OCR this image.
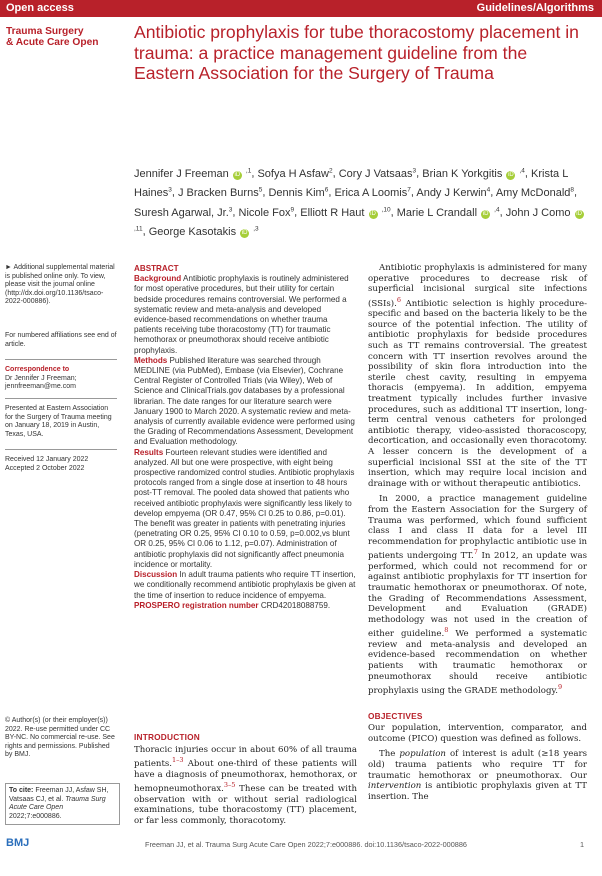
Open access	Guidelines/Algorithms
Trauma Surgery
& Acute Care Open
Antibiotic prophylaxis for tube thoracostomy placement in trauma: a practice management guideline from the Eastern Association for the Surgery of Trauma
Jennifer J Freeman iD $^{,1}$, Sofya H Asfaw$^2$, Cory J Vatsaas$^3$, Brian K Yorkgitis iD $^{,4}$, Krista L Haines$^3$, J Bracken Burns$^5$, Dennis Kim$^6$, Erica A Loomis$^7$, Andy J Kerwin$^4$, Amy McDonald$^8$, Suresh Agarwal, Jr.$^3$, Nicole Fox$^9$, Elliott R Haut iD $^{,10}$, Marie L Crandall iD $^{,4}$, John J Como iD $^{,11}$, George Kasotakis iD $^{,3}$
► Additional supplemental material is published online only. To view, please visit the journal online (http://dx.doi.org/10.1136/tsaco-2022-000886).
For numbered affiliations see end of article.
Correspondence to
Dr Jennifer J Freeman; jennfreeman@me.com
Presented at Eastern Association for the Surgery of Trauma meeting on January 18, 2019 in Austin, Texas, USA.
Received 12 January 2022
Accepted 2 October 2022
© Author(s) (or their employer(s)) 2022. Re-use permitted under CC BY-NC. No commercial re-use. See rights and permissions. Published by BMJ.
To cite: Freeman JJ, Asfaw SH, Vatsaas CJ, et al. Trauma Surg Acute Care Open 2022;7:e000886.
ABSTRACT

Background Antibiotic prophylaxis is routinely administered for most operative procedures, but their utility for certain bedside procedures remains controversial. We performed a systematic review and meta-analysis and developed evidence-based recommendations on whether trauma patients receiving tube thoracostomy (TT) for traumatic hemothorax or pneumothorax should receive antibiotic prophylaxis.

Methods Published literature was searched through MEDLINE (via PubMed), Embase (via Elsevier), Cochrane Central Register of Controlled Trials (via Wiley), Web of Science and ClinicalTrials.gov databases by a professional librarian. The date ranges for our literature search were January 1900 to March 2020. A systematic review and meta-analysis of currently available evidence were performed using the Grading of Recommendations Assessment, Development and Evaluation methodology.

Results Fourteen relevant studies were identified and analyzed. All but one were prospective, with eight being prospective randomized control studies. Antibiotic prophylaxis protocols ranged from a single dose at insertion to 48 hours post-TT removal. The pooled data showed that patients who received antibiotic prophylaxis were significantly less likely to develop empyema (OR 0.47, 95% CI 0.25 to 0.86, p=0.01). The benefit was greater in patients with penetrating injuries (penetrating OR 0.25, 95% CI 0.10 to 0.59, p=0.002,vs blunt OR 0.25, 95% CI 0.06 to 1.12, p=0.07). Administration of antibiotic prophylaxis did not significantly affect pneumonia incidence or mortality.

Discussion In adult trauma patients who require TT insertion, we conditionally recommend antibiotic prophylaxis be given at the time of insertion to reduce incidence of empyema.

PROSPERO registration number CRD42018088759.

INTRODUCTION

Thoracic injuries occur in about 60% of all trauma patients.$^{1-3}$ About one-third of these patients will have a diagnosis of pneumothorax, hemothorax, or hemopneumothorax.$^{3-5}$ These can be treated with observation with or without serial radiological examinations, tube thoracostomy (TT) placement, or far less commonly, thoracotomy.

Antibiotic prophylaxis is administered for many operative procedures to decrease risk of superficial incisional surgical site infections (SSIs).$^6$ Antibiotic selection is highly procedure-specific and based on the bacteria likely to be the source of the potential infection. The utility of antibiotic prophylaxis for bedside procedures such as TT remains controversial. The greatest concern with TT insertion revolves around the possibility of skin flora introduction into the sterile chest cavity, resulting in empyema thoracis (empyema). In addition, empyema treatment typically includes further invasive procedures, such as additional TT insertion, long-term central venous catheters for prolonged antibiotic therapy, video-assisted thoracoscopy, decortication, and occasionally even thoracotomy. A lesser concern is the development of a superficial incisional SSI at the site of the TT insertion, which may require local incision and drainage with or without therapeutic antibiotics.

In 2000, a practice management guideline from the Eastern Association for the Surgery of Trauma was performed, which found sufficient class I and class II data for a level III recommendation for prophylactic antibiotic use in patients undergoing TT.$^7$ In 2012, an update was performed, which could not recommend for or against antibiotic prophylaxis for TT insertion for traumatic hemothorax or pneumothorax. Of note, the Grading of Recommendations Assessment, Development and Evaluation (GRADE) methodology was not used in the creation of either guideline.$^8$ We performed a systematic review and meta-analysis and developed an evidence-based recommendation on whether patients with traumatic hemothorax or pneumothorax should receive antibiotic prophylaxis using the GRADE methodology.$^9$

OBJECTIVES

Our population, intervention, comparator, and outcome (PICO) question was defined as follows.

The population of interest is adult (≥18 years old) trauma patients who require TT for traumatic hemothorax or pneumothorax. Our intervention is antibiotic prophylaxis given at TT insertion. The

BMJ	Freeman JJ, et al. Trauma Surg Acute Care Open 2022;7:e000886. doi:10.1136/tsaco-2022-000886	1
